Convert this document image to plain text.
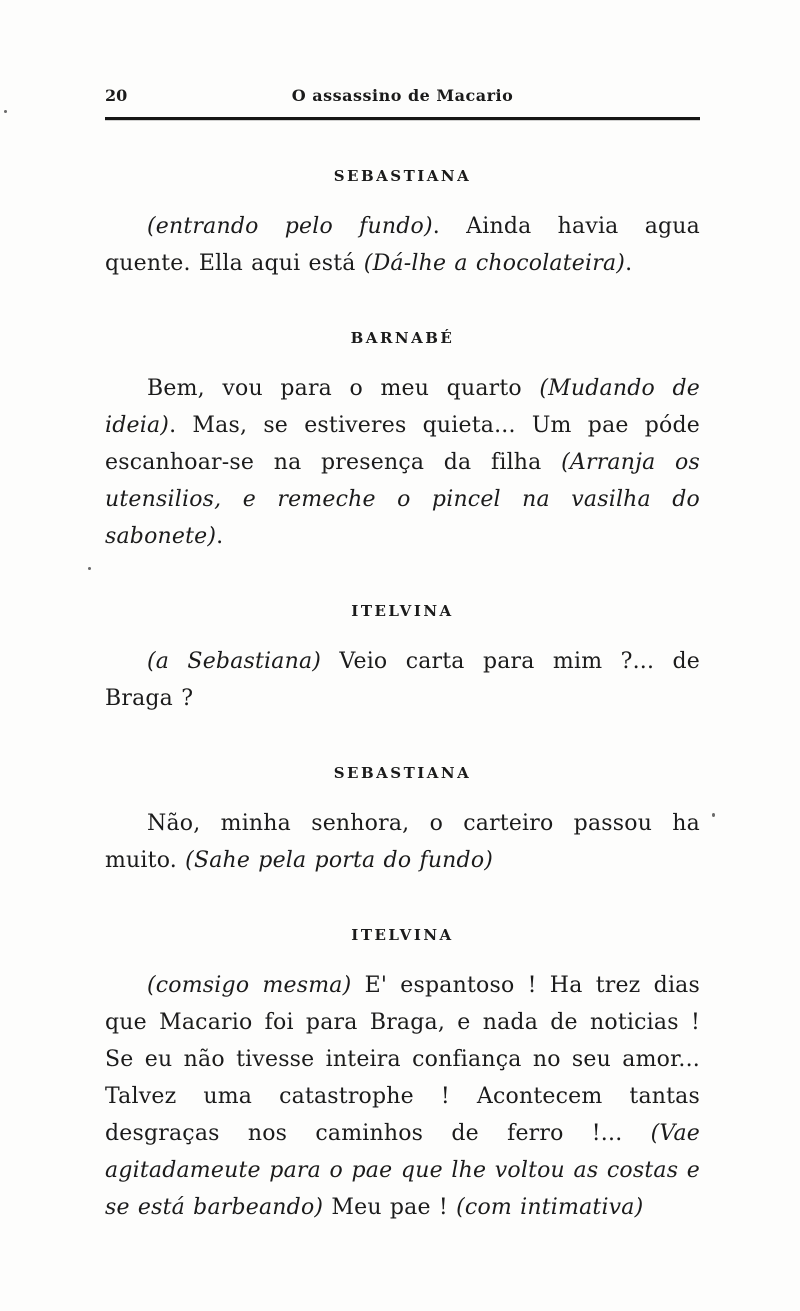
20	O assassino de Macario
SEBASTIANA

(entrando pelo fundo). Ainda havia agua quente. Ella aqui está (Dá-lhe a chocolateira).

BARNABÉ

Bem, vou para o meu quarto (Mudando de ideia). Mas, se estiveres quieta... Um pae póde escanhoar-se na presença da filha (Arranja os utensilios, e remeche o pincel na vasilha do sabonete).

ITELVINA

(a Sebastiana) Veio carta para mim ?... de Braga ?

SEBASTIANA

Não, minha senhora, o carteiro passou ha muito. (Sahe pela porta do fundo)

ITELVINA

(comsigo mesma) E' espantoso ! Ha trez dias que Macario foi para Braga, e nada de noticias ! Se eu não tivesse inteira confiança no seu amor... Talvez uma catastrophe ! Acontecem tantas desgraças nos caminhos de ferro !... (Vae agitadameute para o pae que lhe voltou as costas e se está barbeando) Meu pae ! (com intimativa)
